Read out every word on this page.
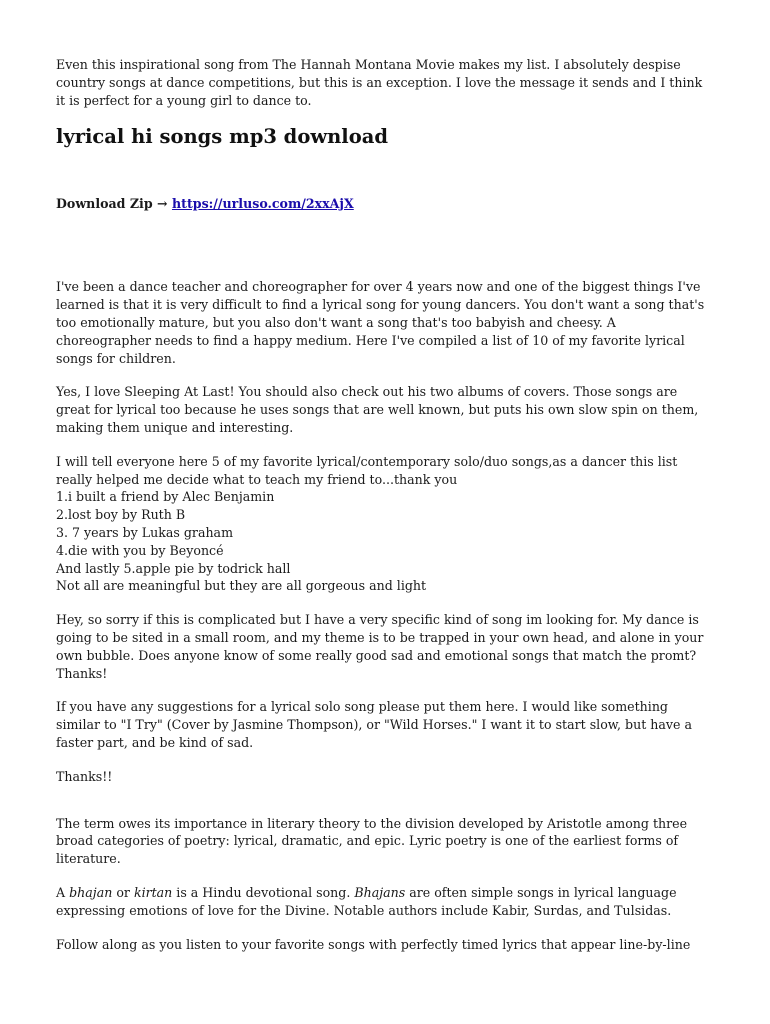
Even this inspirational song from The Hannah Montana Movie makes my list. I absolutely despise country songs at dance competitions, but this is an exception. I love the message it sends and I think it is perfect for a young girl to dance to.

lyrical hi songs mp3 download

Download Zip → https://urluso.com/2xxAjX

I've been a dance teacher and choreographer for over 4 years now and one of the biggest things I've learned is that it is very difficult to find a lyrical song for young dancers. You don't want a song that's too emotionally mature, but you also don't want a song that's too babyish and cheesy. A choreographer needs to find a happy medium. Here I've compiled a list of 10 of my favorite lyrical songs for children.

Yes, I love Sleeping At Last! You should also check out his two albums of covers. Those songs are great for lyrical too because he uses songs that are well known, but puts his own slow spin on them, making them unique and interesting.

I will tell everyone here 5 of my favorite lyrical/contemporary solo/duo songs,as a dancer this list really helped me decide what to teach my friend to...thank you
1.i built a friend by Alec Benjamin
2.lost boy by Ruth B
3. 7 years by Lukas graham
4.die with you by Beyoncé
And lastly 5.apple pie by todrick hall
Not all are meaningful but they are all gorgeous and light

Hey, so sorry if this is complicated but I have a very specific kind of song im looking for. My dance is going to be sited in a small room, and my theme is to be trapped in your own head, and alone in your own bubble. Does anyone know of some really good sad and emotional songs that match the promt? Thanks!

If you have any suggestions for a lyrical solo song please put them here. I would like something similar to "I Try" (Cover by Jasmine Thompson), or "Wild Horses." I want it to start slow, but have a faster part, and be kind of sad.

Thanks!!

The term owes its importance in literary theory to the division developed by Aristotle among three broad categories of poetry: lyrical, dramatic, and epic. Lyric poetry is one of the earliest forms of literature.

A bhajan or kirtan is a Hindu devotional song. Bhajans are often simple songs in lyrical language expressing emotions of love for the Divine. Notable authors include Kabir, Surdas, and Tulsidas.

Follow along as you listen to your favorite songs with perfectly timed lyrics that appear line-by-line
